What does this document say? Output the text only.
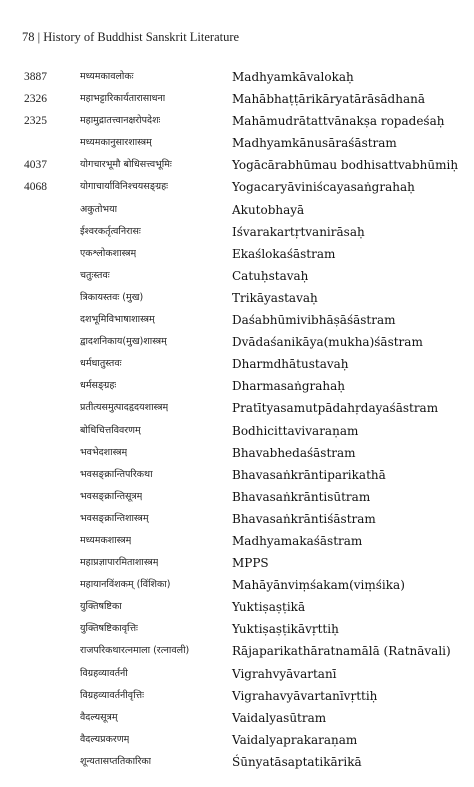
78 | History of Buddhist Sanskrit Literature
3887	मध्यमकावलोकः	Madhyamkāvalokaḥ
2326	महाभट्टारिकार्यतारासाधना	Mahābhaṭṭārikāryatārāsādhanā
2325	महामुद्रातत्त्वानक्षरोपदेशः	Mahāmudrātattvānakṣa ropadeśaḥ
मध्यमकानुसारशास्त्रम्	Madhyamkānusāraśāstram
4037	योगचारभूमौ बोधिसत्त्वभूमिः	Yogācārabhūmau bodhisattvabhūmiḥ
4068	योगाचार्याविनिश्चयसङ्ग्रहः	Yogacaryāviniścayasaṅgrahaḥ
अकुतोभया	Akutobhayā
ईश्वरकर्तृत्वनिरासः	Iśvarakartṛtvanirāsaḥ
एकश्लोकशास्त्रम्	Ekaślokaśāstram
चतुःस्तवः	Catuḥstavaḥ
त्रिकायस्तवः (मुख)	Trikāyastavaḥ
दशभूमिविभाषाशास्त्रम्	Daśabhūmivibhāṣāśāstram
द्वादशनिकाय(मुख)शास्त्रम्	Dvādaśanikāya(mukha)śāstram
धर्मधातुस्तवः	Dharmdhātustavaḥ
धर्मसङ्ग्रहः	Dharmasaṅgrahaḥ
प्रतीत्यसमुत्पादहृदयशास्त्रम्	Pratītyasamutpādahṛdayaśāstram
बोधिचित्तविवरणम्	Bodhicittavivaraṇam
भवभेदशास्त्रम्	Bhavabhedaśāstram
भवसङ्क्रान्तिपरिकथा	Bhavasaṅkrāntiparikathā
भवसङ्क्रान्तिसूत्रम्	Bhavasaṅkrāntisūtram
भवसङ्क्रान्तिशास्त्रम्	Bhavasaṅkrāntiśāstram
मध्यमकशास्त्रम्	Madhyamakaśāstram
महाप्रज्ञापारमिताशास्त्रम्	MPPS
महायानविंशकम् (विंशिका)	Mahāyānviṃśakam(viṃśika)
युक्तिषष्टिका	Yuktiṣaṣṭikā
युक्तिषष्टिकावृत्तिः	Yuktiṣaṣṭikāvṛttiḥ
राजपरिकथारत्नमाला (रत्नावली)	Rājaparikathāratnamālā (Ratnāvali)
विग्रहव्यावर्तनी	Vigrahvyāvartanī
विग्रहव्यावर्तनीवृत्तिः	Vigrahavyāvartanīvṛttiḥ
वैदल्यसूत्रम्	Vaidalyasūtram
वैदल्यप्रकरणम्	Vaidalyaprakaraṇam
शून्यतासप्ततिकारिका	Śūnyatāsaptatikārikā
